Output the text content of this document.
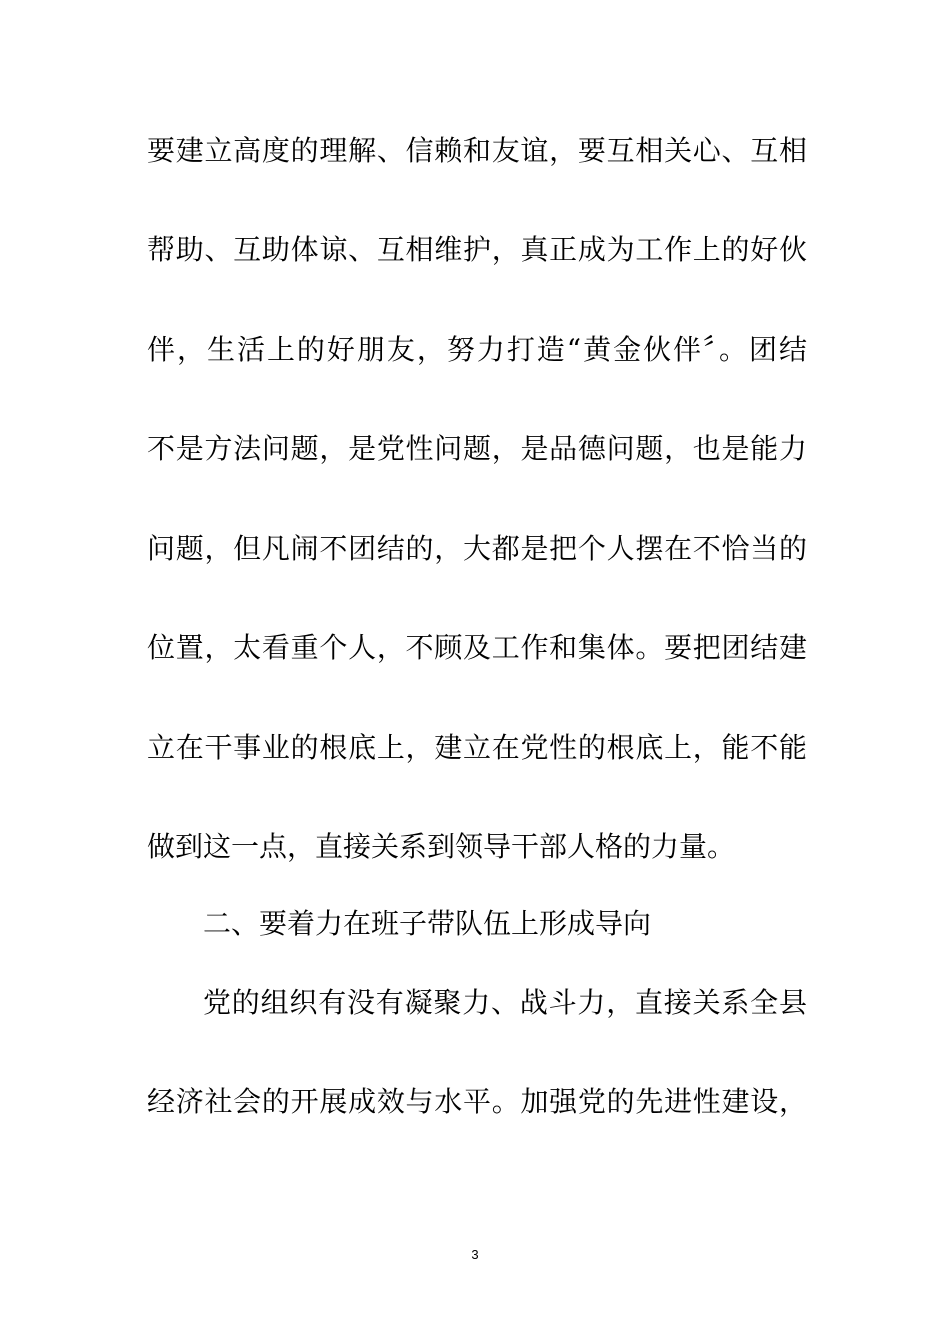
要建立高度的理解、信赖和友谊，要互相关心、互相
帮助、互助体谅、互相维护，真正成为工作上的好伙
伴，生活上的好朋友，努力打造“黄金伙伴〞。团结
不是方法问题，是党性问题，是品德问题，也是能力
问题，但凡闹不团结的，大都是把个人摆在不恰当的
位置，太看重个人，不顾及工作和集体。要把团结建
立在干事业的根底上，建立在党性的根底上，能不能
做到这一点，直接关系到领导干部人格的力量。
二、要着力在班子带队伍上形成导向
党的组织有没有凝聚力、战斗力，直接关系全县
经济社会的开展成效与水平。加强党的先进性建设，
3
